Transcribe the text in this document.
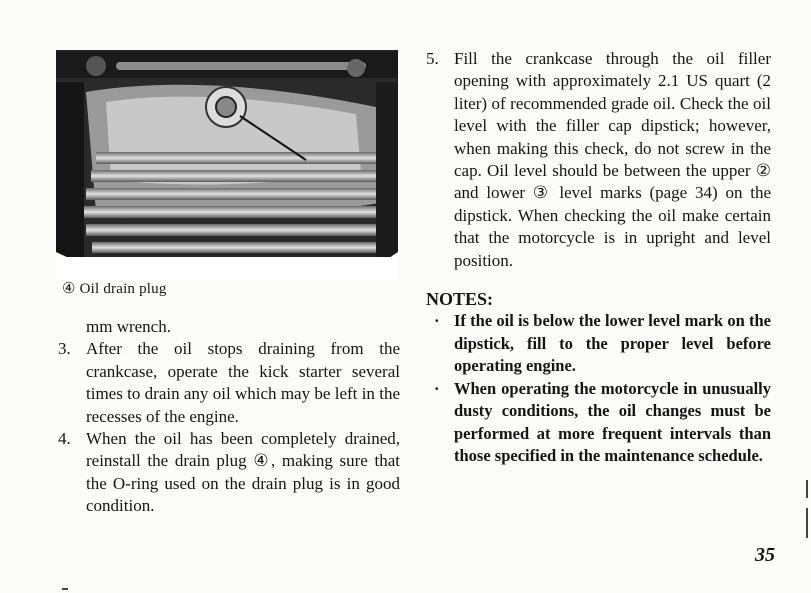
④ Oil drain plug

mm wrench.

3. After the oil stops draining from the crankcase, operate the kick starter several times to drain any oil which may be left in the recesses of the engine.
4. When the oil has been completely drained, reinstall the drain plug ④, making sure that the O-ring used on the drain plug is in good condition.
5. Fill the crankcase through the oil filler opening with approximately 2.1 US quart (2 liter) of recommended grade oil. Check the oil level with the filler cap dipstick; however, when making this check, do not screw in the cap. Oil level should be between the upper ② and lower ③ level marks (page 34) on the dipstick. When checking the oil make certain that the motorcycle is in upright and level position.
NOTES:
· If the oil is below the lower level mark on the dipstick, fill to the proper level before operating engine.
· When operating the motorcycle in unusually dusty conditions, the oil changes must be performed at more frequent intervals than those specified in the maintenance schedule.
35
